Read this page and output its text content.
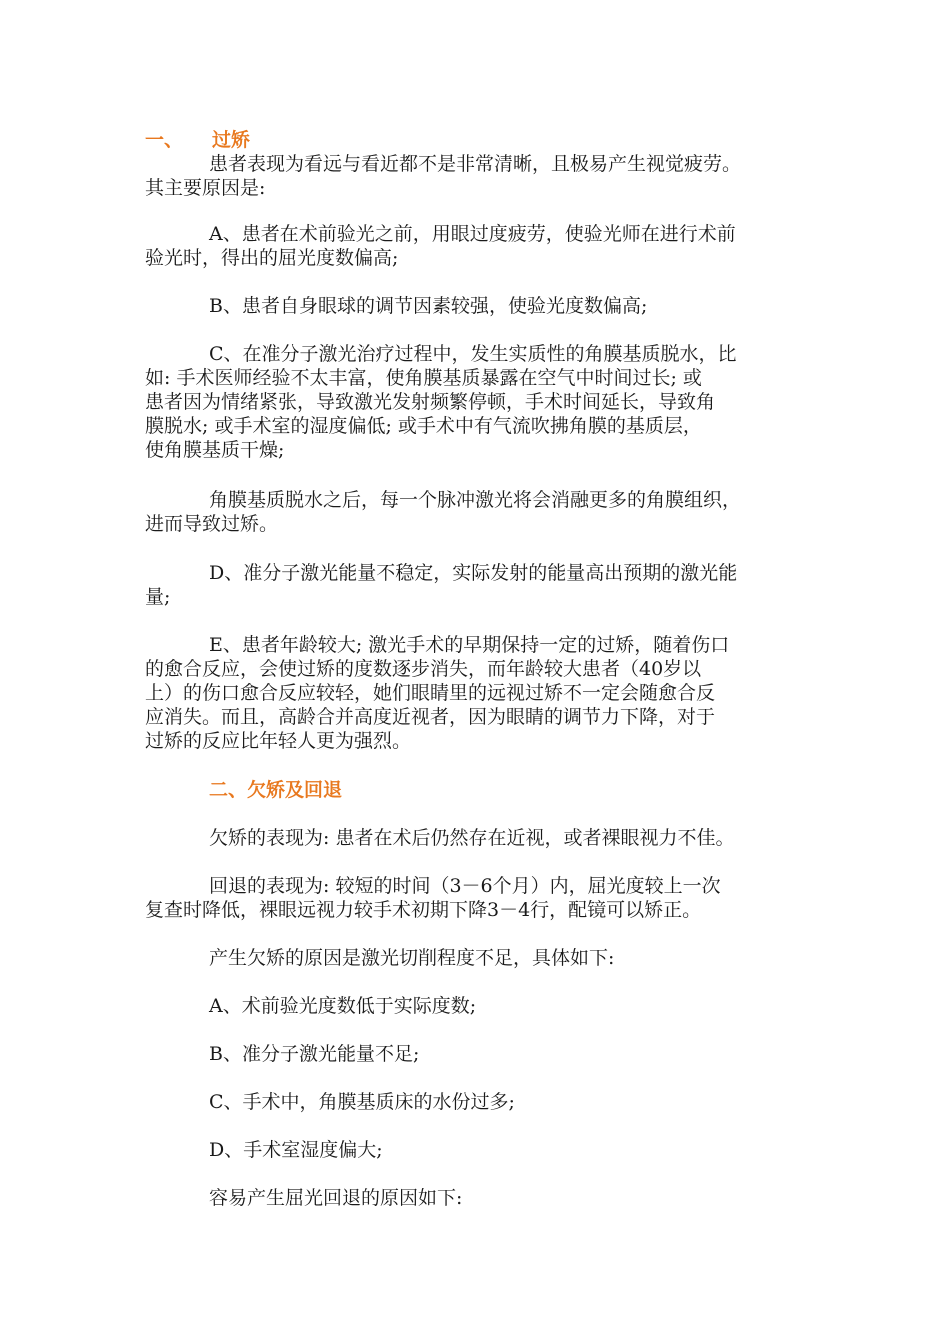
一、 过矫
患者表现为看远与看近都不是非常清晰，且极易产生视觉疲劳。
其主要原因是:
A、患者在术前验光之前，用眼过度疲劳，使验光师在进行术前
验光时，得出的屈光度数偏高;
B、患者自身眼球的调节因素较强，使验光度数偏高;
C、在准分子激光治疗过程中，发生实质性的角膜基质脱水，比
如: 手术医师经验不太丰富，使角膜基质暴露在空气中时间过长; 或
患者因为情绪紧张，导致激光发射频繁停顿，手术时间延长，导致角
膜脱水; 或手术室的湿度偏低; 或手术中有气流吹拂角膜的基质层，
使角膜基质干燥;
角膜基质脱水之后，每一个脉冲激光将会消融更多的角膜组织，
进而导致过矫。
D、准分子激光能量不稳定，实际发射的能量高出预期的激光能
量;
E、患者年龄较大; 激光手术的早期保持一定的过矫，随着伤口
的愈合反应，会使过矫的度数逐步消失，而年龄较大患者（40岁以
上）的伤口愈合反应较轻，她们眼睛里的远视过矫不一定会随愈合反
应消失。而且，高龄合并高度近视者，因为眼睛的调节力下降，对于
过矫的反应比年轻人更为强烈。
二、欠矫及回退
欠矫的表现为: 患者在术后仍然存在近视，或者裸眼视力不佳。
回退的表现为: 较短的时间（3－6个月）内，屈光度较上一次
复查时降低，裸眼远视力较手术初期下降3－4行，配镜可以矫正。
产生欠矫的原因是激光切削程度不足，具体如下:
A、术前验光度数低于实际度数;
B、准分子激光能量不足;
C、手术中，角膜基质床的水份过多;
D、手术室湿度偏大;
容易产生屈光回退的原因如下:
